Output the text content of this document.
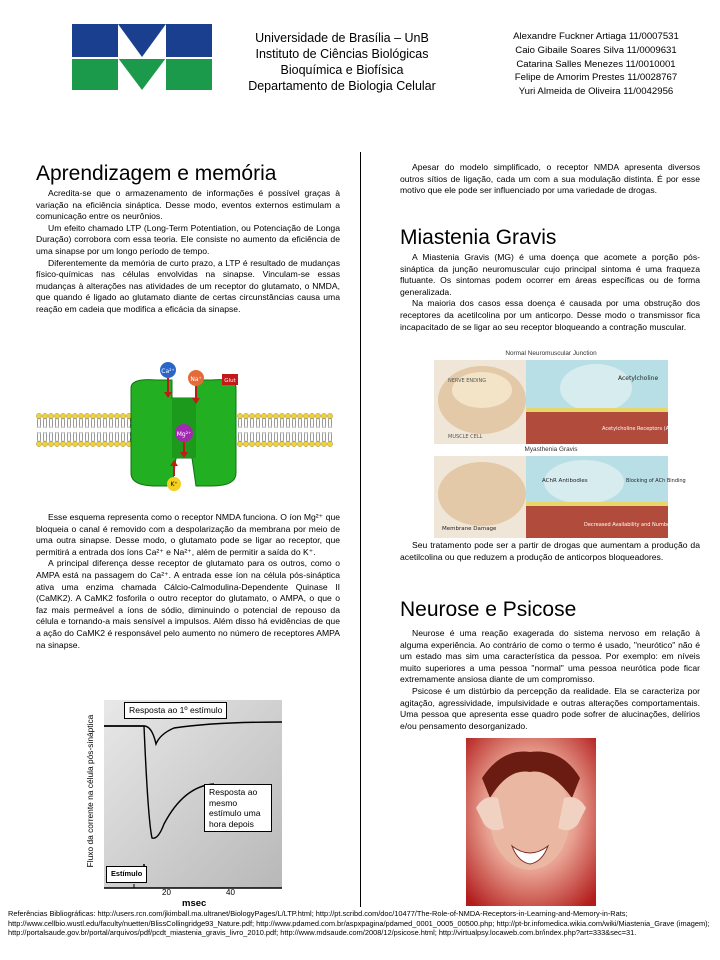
Universidade de Brasília – UnB
Instituto de Ciências Biológicas
Bioquímica e Biofísica
Departamento de Biologia Celular
Alexandre Fuckner Artiaga 11/0007531
Caio Gibaile Soares Silva 11/0009631
Catarina Salles Menezes 11/0010001
Felipe de Amorim Prestes 11/0028767
Yuri Almeida de Oliveira 11/0042956
Aprendizagem e memória

Acredita-se que o armazenamento de informações é possível graças à variação na eficiência sináptica. Desse modo, eventos externos estimulam a comunicação entre os neurônios.

Um efeito chamado LTP (Long-Term Potentiation, ou Potenciação de Longa Duração) corrobora com essa teoria. Ele consiste no aumento da eficiência de uma sinapse por um longo período de tempo.

Diferentemente da memória de curto prazo, a LTP é resultado de mudanças físico-químicas nas células envolvidas na sinapse. Vinculam-se essas mudanças à alterações nas atividades de um receptor do glutamato, o NMDA, que quando é ligado ao glutamato diante de certas circunstâncias causa uma reação em cadeia que modifica a eficácia da sinapse.

Ca²⁺
Na⁺	Glut
Mg²⁺
K⁺

Esse esquema representa como o receptor NMDA funciona. O íon Mg²⁺ que bloqueia o canal é removido com a despolarização da membrana por meio de uma outra sinapse. Desse modo, o glutamato pode se ligar ao receptor, que permitirá a entrada dos íons Ca²⁺ e Na²⁺, além de permitir a saída do K⁺.

A principal diferença desse receptor de glutamato para os outros, como o AMPA está na passagem do Ca²⁺. A entrada esse íon na célula pós-sináptica ativa uma enzima chamada Cálcio-Calmodulina-Dependente Quinase II (CaMK2). A CaMK2 fosforila o outro receptor do glutamato, o AMPA, o que o faz mais permeável a íons de sódio, diminuindo o potencial de repouso da célula e tornando-a mais sensível a impulsos. Além disso há evidências de que a ação do CaMK2 é responsável pelo aumento no número de receptores AMPA na sinapse.

Fluxo da corrente na célula pós-sináptica
Resposta ao 1º estímulo
Resposta ao mesmo estímulo uma hora depois
Estímulo
20	40
msec

Apesar do modelo simplificado, o receptor NMDA apresenta diversos outros sítios de ligação, cada um com a sua modulação distinta. É por esse motivo que ele pode ser influenciado por uma variedade de drogas.

Miastenia Gravis

A Miastenia Gravis (MG) é uma doença que acomete a porção pós-sináptica da junção neuromuscular cujo principal sintoma é uma fraqueza flutuante. Os sintomas podem ocorrer em áreas específicas ou de forma generalizada.

Na maioria dos casos essa doença é causada por uma obstrução dos receptores da acetilcolina por um anticorpo. Desse modo o transmissor fica incapacitado de se ligar ao seu receptor bloqueando a contração muscular.

Normal Neuromuscular Junction
NERVE ENDING
MUSCLE CELL
Acetylcholine
Acetylcholine Receptors (AChRs)
Myasthenia Gravis
AChR Antibodies	Blocking of ACh Binding
Membrane Damage
Decreased Availability and Number of AChRs

Seu tratamento pode ser a partir de drogas que aumentam a produção da acetilcolina ou que reduzem a produção de anticorpos bloqueadores.

Neurose e Psicose

Neurose é uma reação exagerada do sistema nervoso em relação à alguma experiência. Ao contrário de como o termo é usado, "neurótico" não é um estado mas sim uma característica da pessoa. Por exemplo: em níveis muito superiores a uma pessoa "normal" uma pessoa neurótica pode ficar extremamente ansiosa diante de um compromisso.

Psicose é um distúrbio da percepção da realidade. Ela se caracteriza por agitação, agressividade, impulsividade e outras alterações comportamentais. Uma pessoa que apresenta esse quadro pode sofrer de alucinações, delírios e/ou pensamento desorganizado.

Referências Bibliográficas: http://users.rcn.com/jkimball.ma.ultranet/BiologyPages/L/LTP.html; http://pt.scribd.com/doc/10477/The-Role-of-NMDA-Receptors-in-Learning-and-Memory-in-Rats; http://www.cellbio.wustl.edu/faculty/nuetten/BlissCollingridge93_Nature.pdf; http://www.pdamed.com.br/aspxpagina/pdamed_0001_0005_00500.php; http://pt-br.infomedica.wikia.com/wiki/Miastenia_Grave (imagem); http://portalsaude.gov.br/portal/arquivos/pdf/pcdt_miastenia_gravis_livro_2010.pdf; http://www.mdsaude.com/2008/12/psicose.html; http://virtualpsy.locaweb.com.br/index.php?art=333&sec=31.
